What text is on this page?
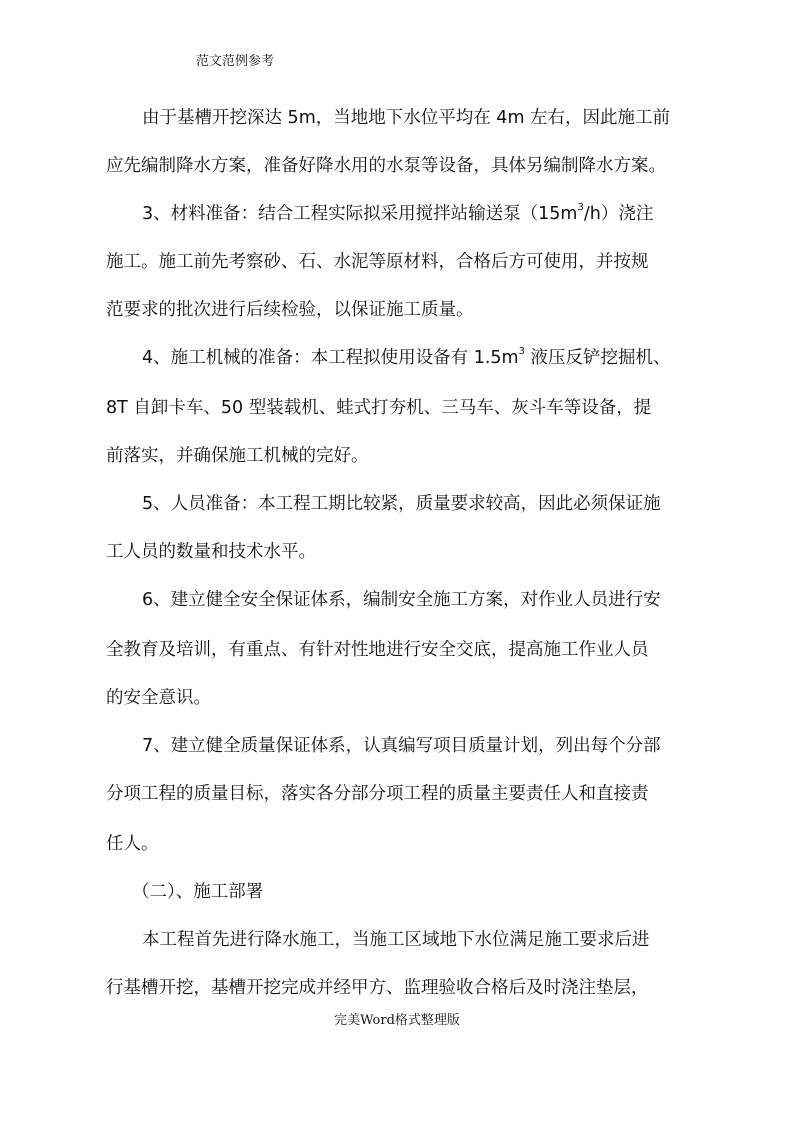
范文范例参考
由于基槽开挖深达 5m，当地地下水位平均在 4m 左右，因此施工前
应先编制降水方案，准备好降水用的水泵等设备，具体另编制降水方案。
3、材料准备：结合工程实际拟采用搅拌站输送泵$(15m^3/h)$浇注
施工。施工前先考察砂、石、水泥等原材料，合格后方可使用，并按规
范要求的批次进行后续检验，以保证施工质量。
4、施工机械的准备：本工程拟使用设备有 $1.5m^3$ 液压反铲挖掘机、
8T 自卸卡车、50 型装载机、蛙式打夯机、三马车、灰斗车等设备，提
前落实，并确保施工机械的完好。
5、人员准备：本工程工期比较紧，质量要求较高，因此必须保证施
工人员的数量和技术水平。
6、建立健全安全保证体系，编制安全施工方案，对作业人员进行安
全教育及培训，有重点、有针对性地进行安全交底，提高施工作业人员
的安全意识。
7、建立健全质量保证体系，认真编写项目质量计划，列出每个分部
分项工程的质量目标，落实各分部分项工程的质量主要责任人和直接责
任人。
（二）、施工部署
本工程首先进行降水施工，当施工区域地下水位满足施工要求后进
行基槽开挖，基槽开挖完成并经甲方、监理验收合格后及时浇注垫层，
完美Word格式整理版
